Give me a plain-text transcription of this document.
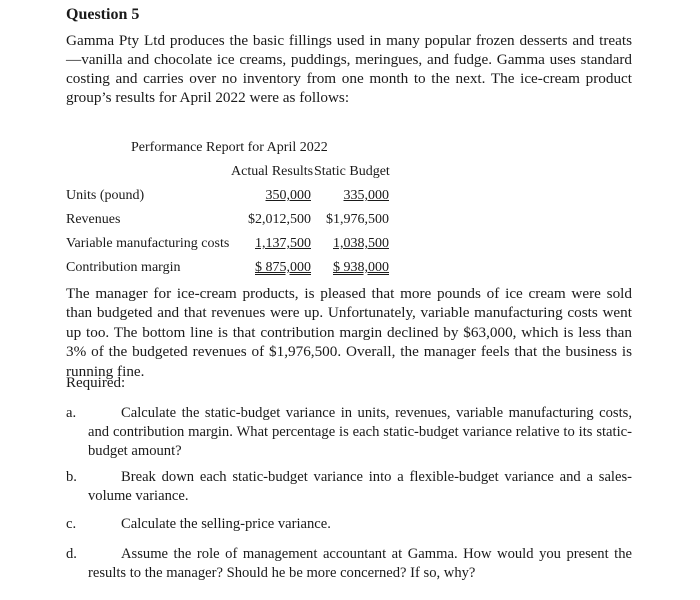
Question 5
Gamma Pty Ltd produces the basic fillings used in many popular frozen desserts and treats—vanilla and chocolate ice creams, puddings, meringues, and fudge. Gamma uses standard costing and carries over no inventory from one month to the next. The ice-cream product group’s results for April 2022 were as follows:
Performance Report for April 2022
Actual Results Static Budget
Units (pound)	350,000 335,000
Revenues	$2,012,500 $1,976,500
Variable manufacturing costs 1,137,500 1,038,500
Contribution margin	$ 875,000 $ 938,000
The manager for ice-cream products, is pleased that more pounds of ice cream were sold than budgeted and that revenues were up. Unfortunately, variable manufacturing costs went up too. The bottom line is that contribution margin declined by $63,000, which is less than 3% of the budgeted revenues of $1,976,500. Overall, the manager feels that the business is running fine.
Required:
a.	Calculate the static-budget variance in units, revenues, variable manufacturing costs, and contribution margin. What percentage is each static-budget variance relative to its static-budget amount?
b.	Break down each static-budget variance into a flexible-budget variance and a sales-volume variance.
c.	Calculate the selling-price variance.
d.	Assume the role of management accountant at Gamma. How would you present the results to the manager? Should he be more concerned? If so, why?
